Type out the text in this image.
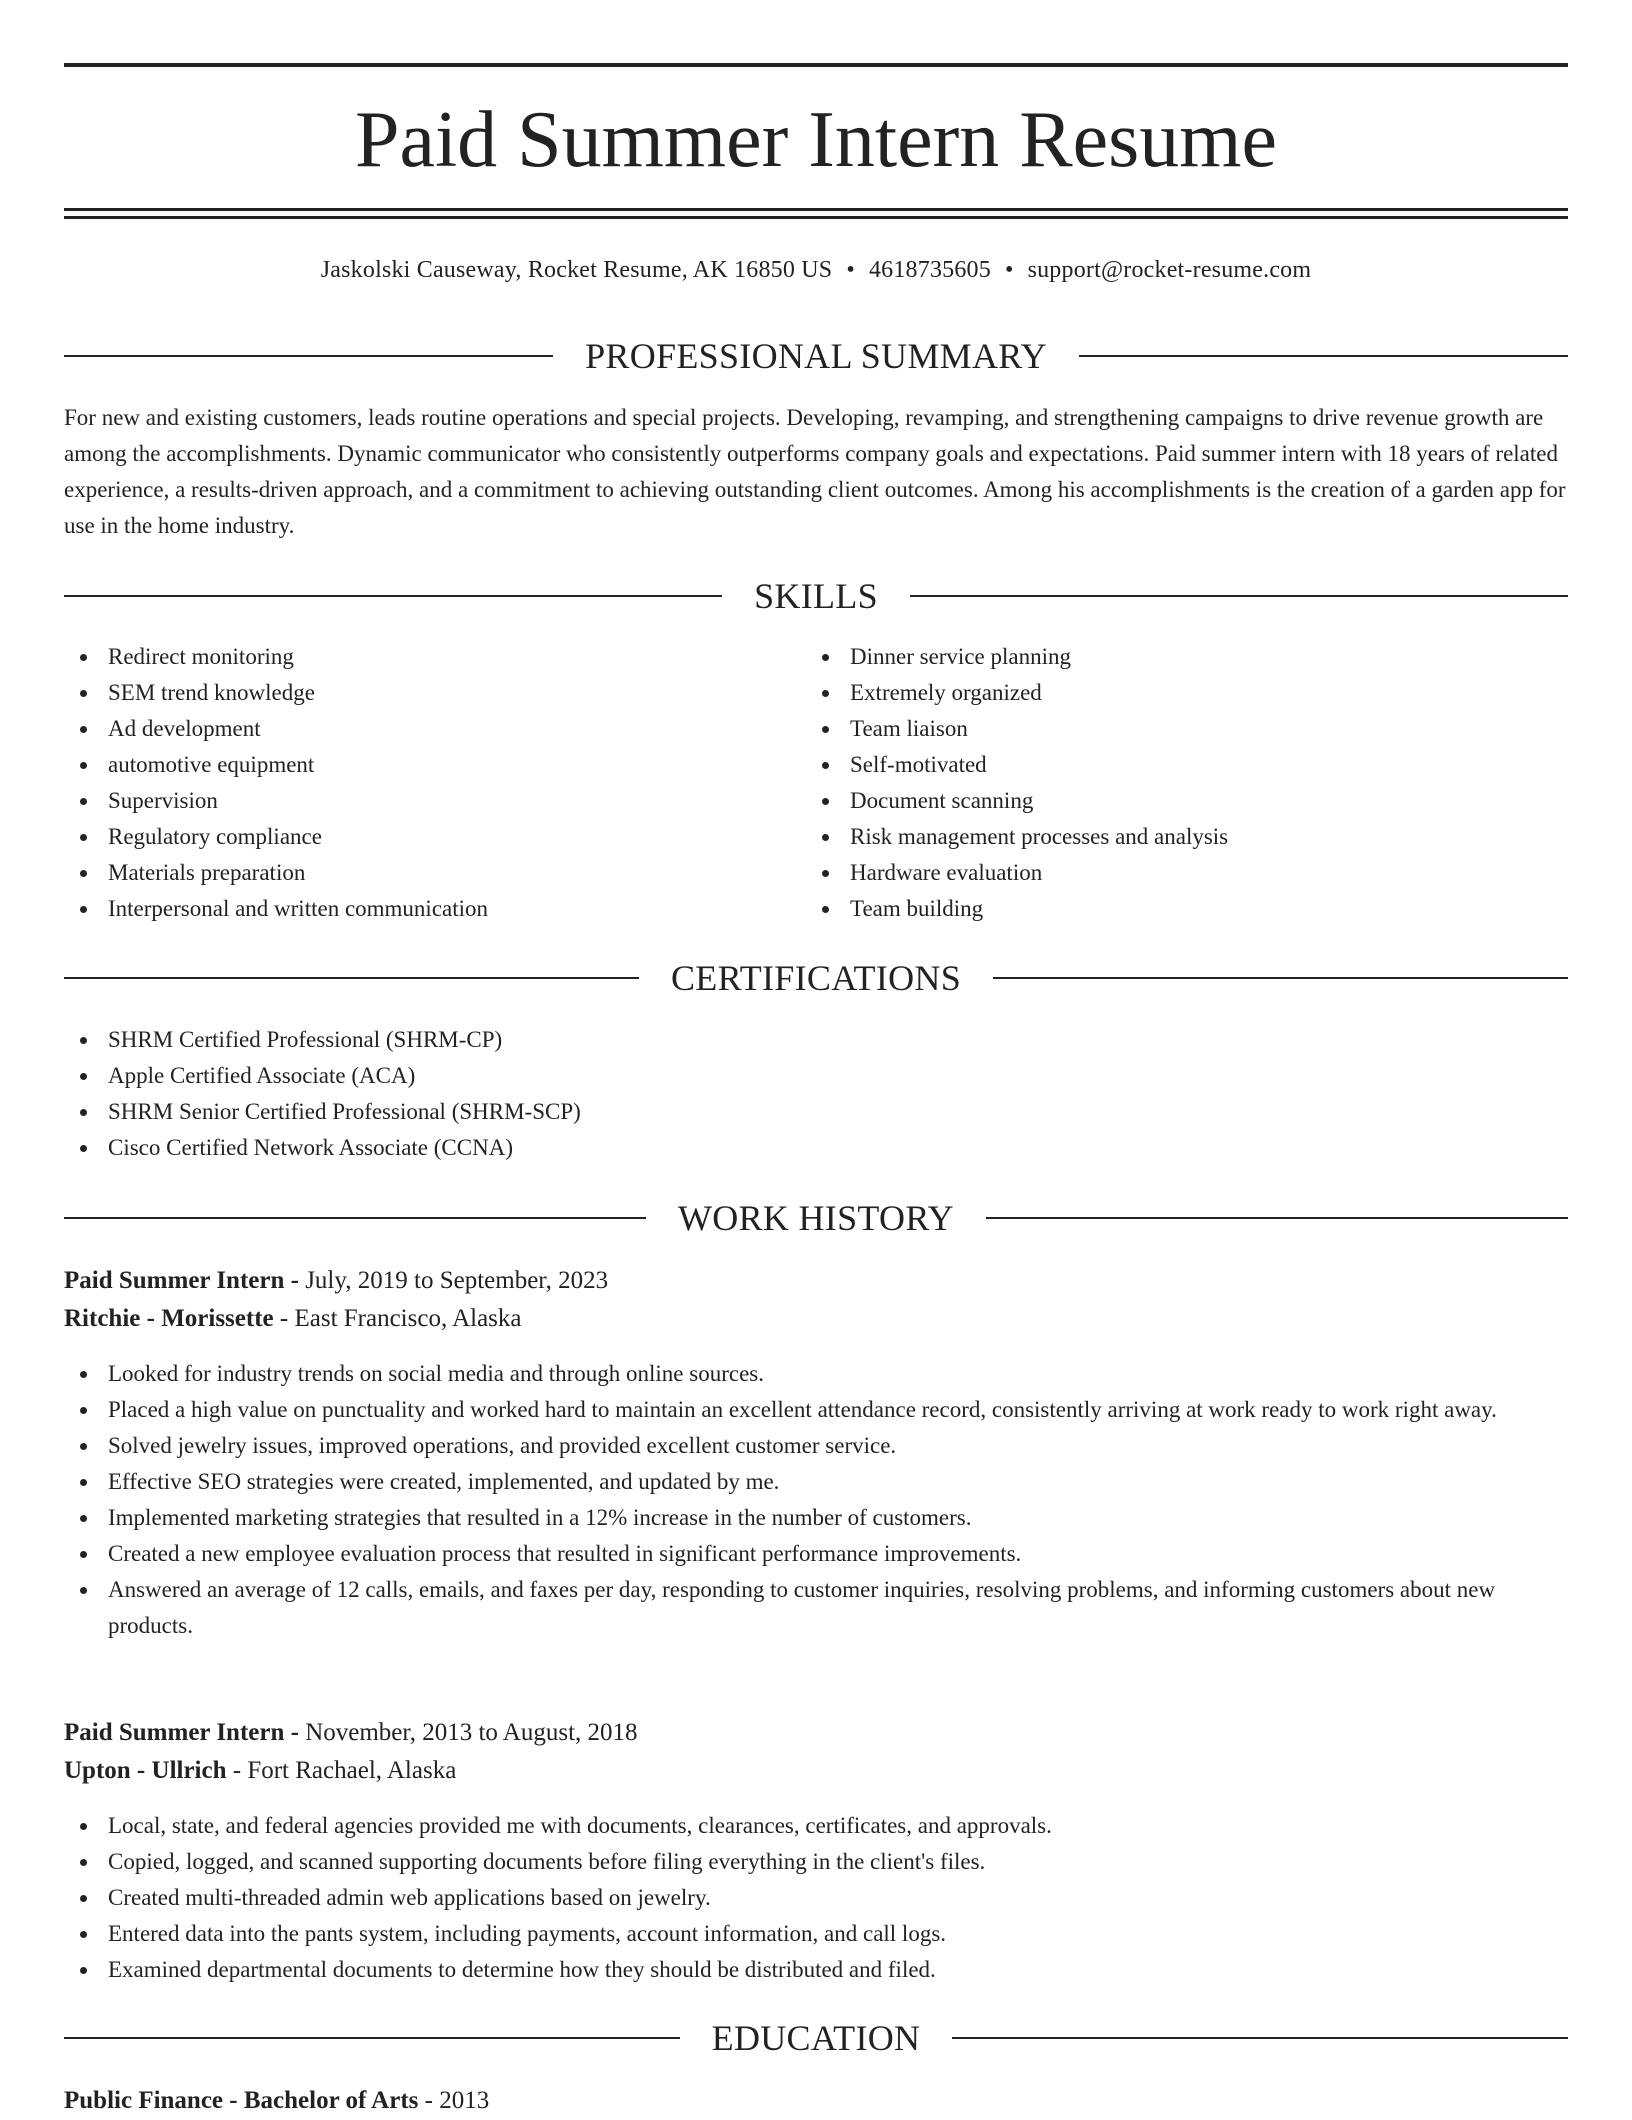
Paid Summer Intern Resume
Jaskolski Causeway, Rocket Resume, AK 16850 US • 4618735605 • support@rocket-resume.com
PROFESSIONAL SUMMARY

For new and existing customers, leads routine operations and special projects. Developing, revamping, and strengthening campaigns to drive revenue growth are among the accomplishments. Dynamic communicator who consistently outperforms company goals and expectations. Paid summer intern with 18 years of related experience, a results-driven approach, and a commitment to achieving outstanding client outcomes. Among his accomplishments is the creation of a garden app for use in the home industry.

SKILLS
Redirect monitoring
SEM trend knowledge
Ad development
automotive equipment
Supervision
Regulatory compliance
Materials preparation
Interpersonal and written communication
Dinner service planning
Extremely organized
Team liaison
Self-motivated
Document scanning
Risk management processes and analysis
Hardware evaluation
Team building
CERTIFICATIONS
SHRM Certified Professional (SHRM-CP)
Apple Certified Associate (ACA)
SHRM Senior Certified Professional (SHRM-SCP)
Cisco Certified Network Associate (CCNA)
WORK HISTORY
Paid Summer Intern - July, 2019 to September, 2023
Ritchie - Morissette - East Francisco, Alaska
Looked for industry trends on social media and through online sources.
Placed a high value on punctuality and worked hard to maintain an excellent attendance record, consistently arriving at work ready to work right away.
Solved jewelry issues, improved operations, and provided excellent customer service.
Effective SEO strategies were created, implemented, and updated by me.
Implemented marketing strategies that resulted in a 12% increase in the number of customers.
Created a new employee evaluation process that resulted in significant performance improvements.
Answered an average of 12 calls, emails, and faxes per day, responding to customer inquiries, resolving problems, and informing customers about new products.
Paid Summer Intern - November, 2013 to August, 2018
Upton - Ullrich - Fort Rachael, Alaska
Local, state, and federal agencies provided me with documents, clearances, certificates, and approvals.
Copied, logged, and scanned supporting documents before filing everything in the client's files.
Created multi-threaded admin web applications based on jewelry.
Entered data into the pants system, including payments, account information, and call logs.
Examined departmental documents to determine how they should be distributed and filed.
EDUCATION
Public Finance - Bachelor of Arts - 2013
